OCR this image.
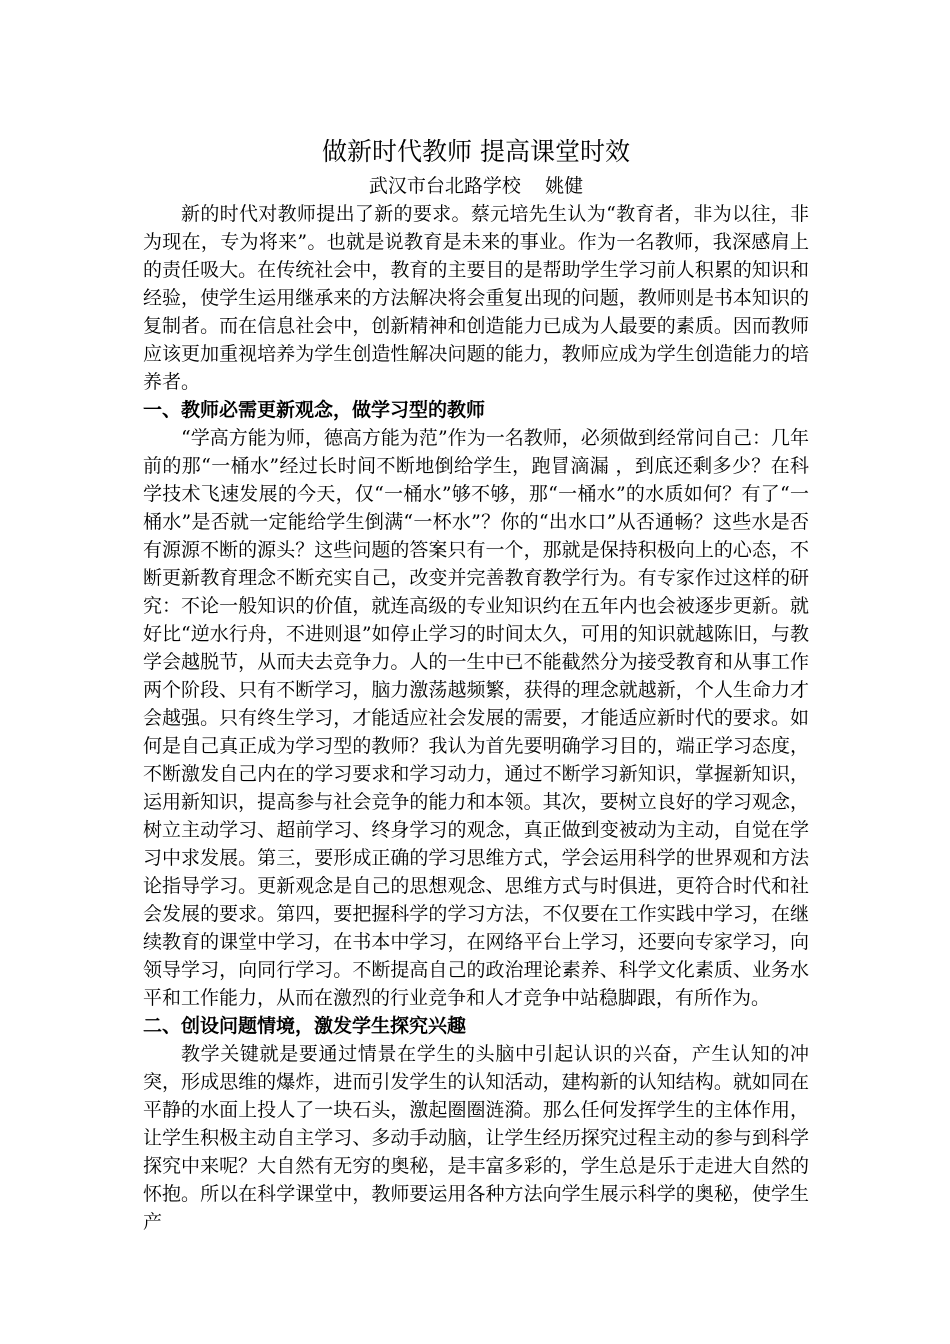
做新时代教师 提高课堂时效

武汉市台北路学校    姚健

新的时代对教师提出了新的要求。蔡元培先生认为“教育者，非为以往，非为现在，专为将来”。也就是说教育是未来的事业。作为一名教师，我深感肩上的责任吸大。在传统社会中，教育的主要目的是帮助学生学习前人积累的知识和经验，使学生运用继承来的方法解决将会重复出现的问题，教师则是书本知识的复制者。而在信息社会中，创新精神和创造能力已成为人最要的素质。因而教师应该更加重视培养为学生创造性解决问题的能力，教师应成为学生创造能力的培养者。

一、教师必需更新观念，做学习型的教师

“学高方能为师，德高方能为范”作为一名教师，必须做到经常问自己：几年前的那“一桶水”经过长时间不断地倒给学生，跑冒滴漏 ，到底还剩多少？在科学技术飞速发展的今天，仅“一桶水”够不够，那“一桶水”的水质如何？有了“一桶水”是否就一定能给学生倒满“一杯水”？你的“出水口”从否通畅？这些水是否有源源不断的源头？这些问题的答案只有一个，那就是保持积极向上的心态，不断更新教育理念不断充实自己，改变并完善教育教学行为。有专家作过这样的研究：不论一般知识的价值，就连高级的专业知识约在五年内也会被逐步更新。就好比“逆水行舟，不进则退”如停止学习的时间太久，可用的知识就越陈旧，与教学会越脱节，从而夫去竞争力。人的一生中已不能截然分为接受教育和从事工作两个阶段、只有不断学习，脑力激荡越频繁，获得的理念就越新，个人生命力才会越强。只有终生学习，才能适应社会发展的需要，才能适应新时代的要求。如何是自己真正成为学习型的教师？我认为首先要明确学习目的，端正学习态度，不断激发自己内在的学习要求和学习动力，通过不断学习新知识，掌握新知识，运用新知识，提高参与社会竞争的能力和本领。其次，要树立良好的学习观念，树立主动学习、超前学习、终身学习的观念，真正做到变被动为主动，自觉在学习中求发展。第三，要形成正确的学习思维方式，学会运用科学的世界观和方法论指导学习。更新观念是自己的思想观念、思维方式与时俱进，更符合时代和社会发展的要求。第四，要把握科学的学习方法，不仅要在工作实践中学习，在继续教育的课堂中学习，在书本中学习，在网络平台上学习，还要向专家学习，向领导学习，向同行学习。不断提高自己的政治理论素养、科学文化素质、业务水平和工作能力，从而在激烈的行业竞争和人才竞争中站稳脚跟，有所作为。

二、创设问题情境，激发学生探究兴趣

教学关键就是要通过情景在学生的头脑中引起认识的兴奋，产生认知的冲突，形成思维的爆炸，进而引发学生的认知活动，建构新的认知结构。就如同在平静的水面上投人了一块石头，激起圈圈涟漪。那么任何发挥学生的主体作用，让学生积极主动自主学习、多动手动脑，让学生经历探究过程主动的参与到科学探究中来呢？大自然有无穷的奥秘，是丰富多彩的，学生总是乐于走进大自然的怀抱。所以在科学课堂中，教师要运用各种方法向学生展示科学的奥秘，使学生产
